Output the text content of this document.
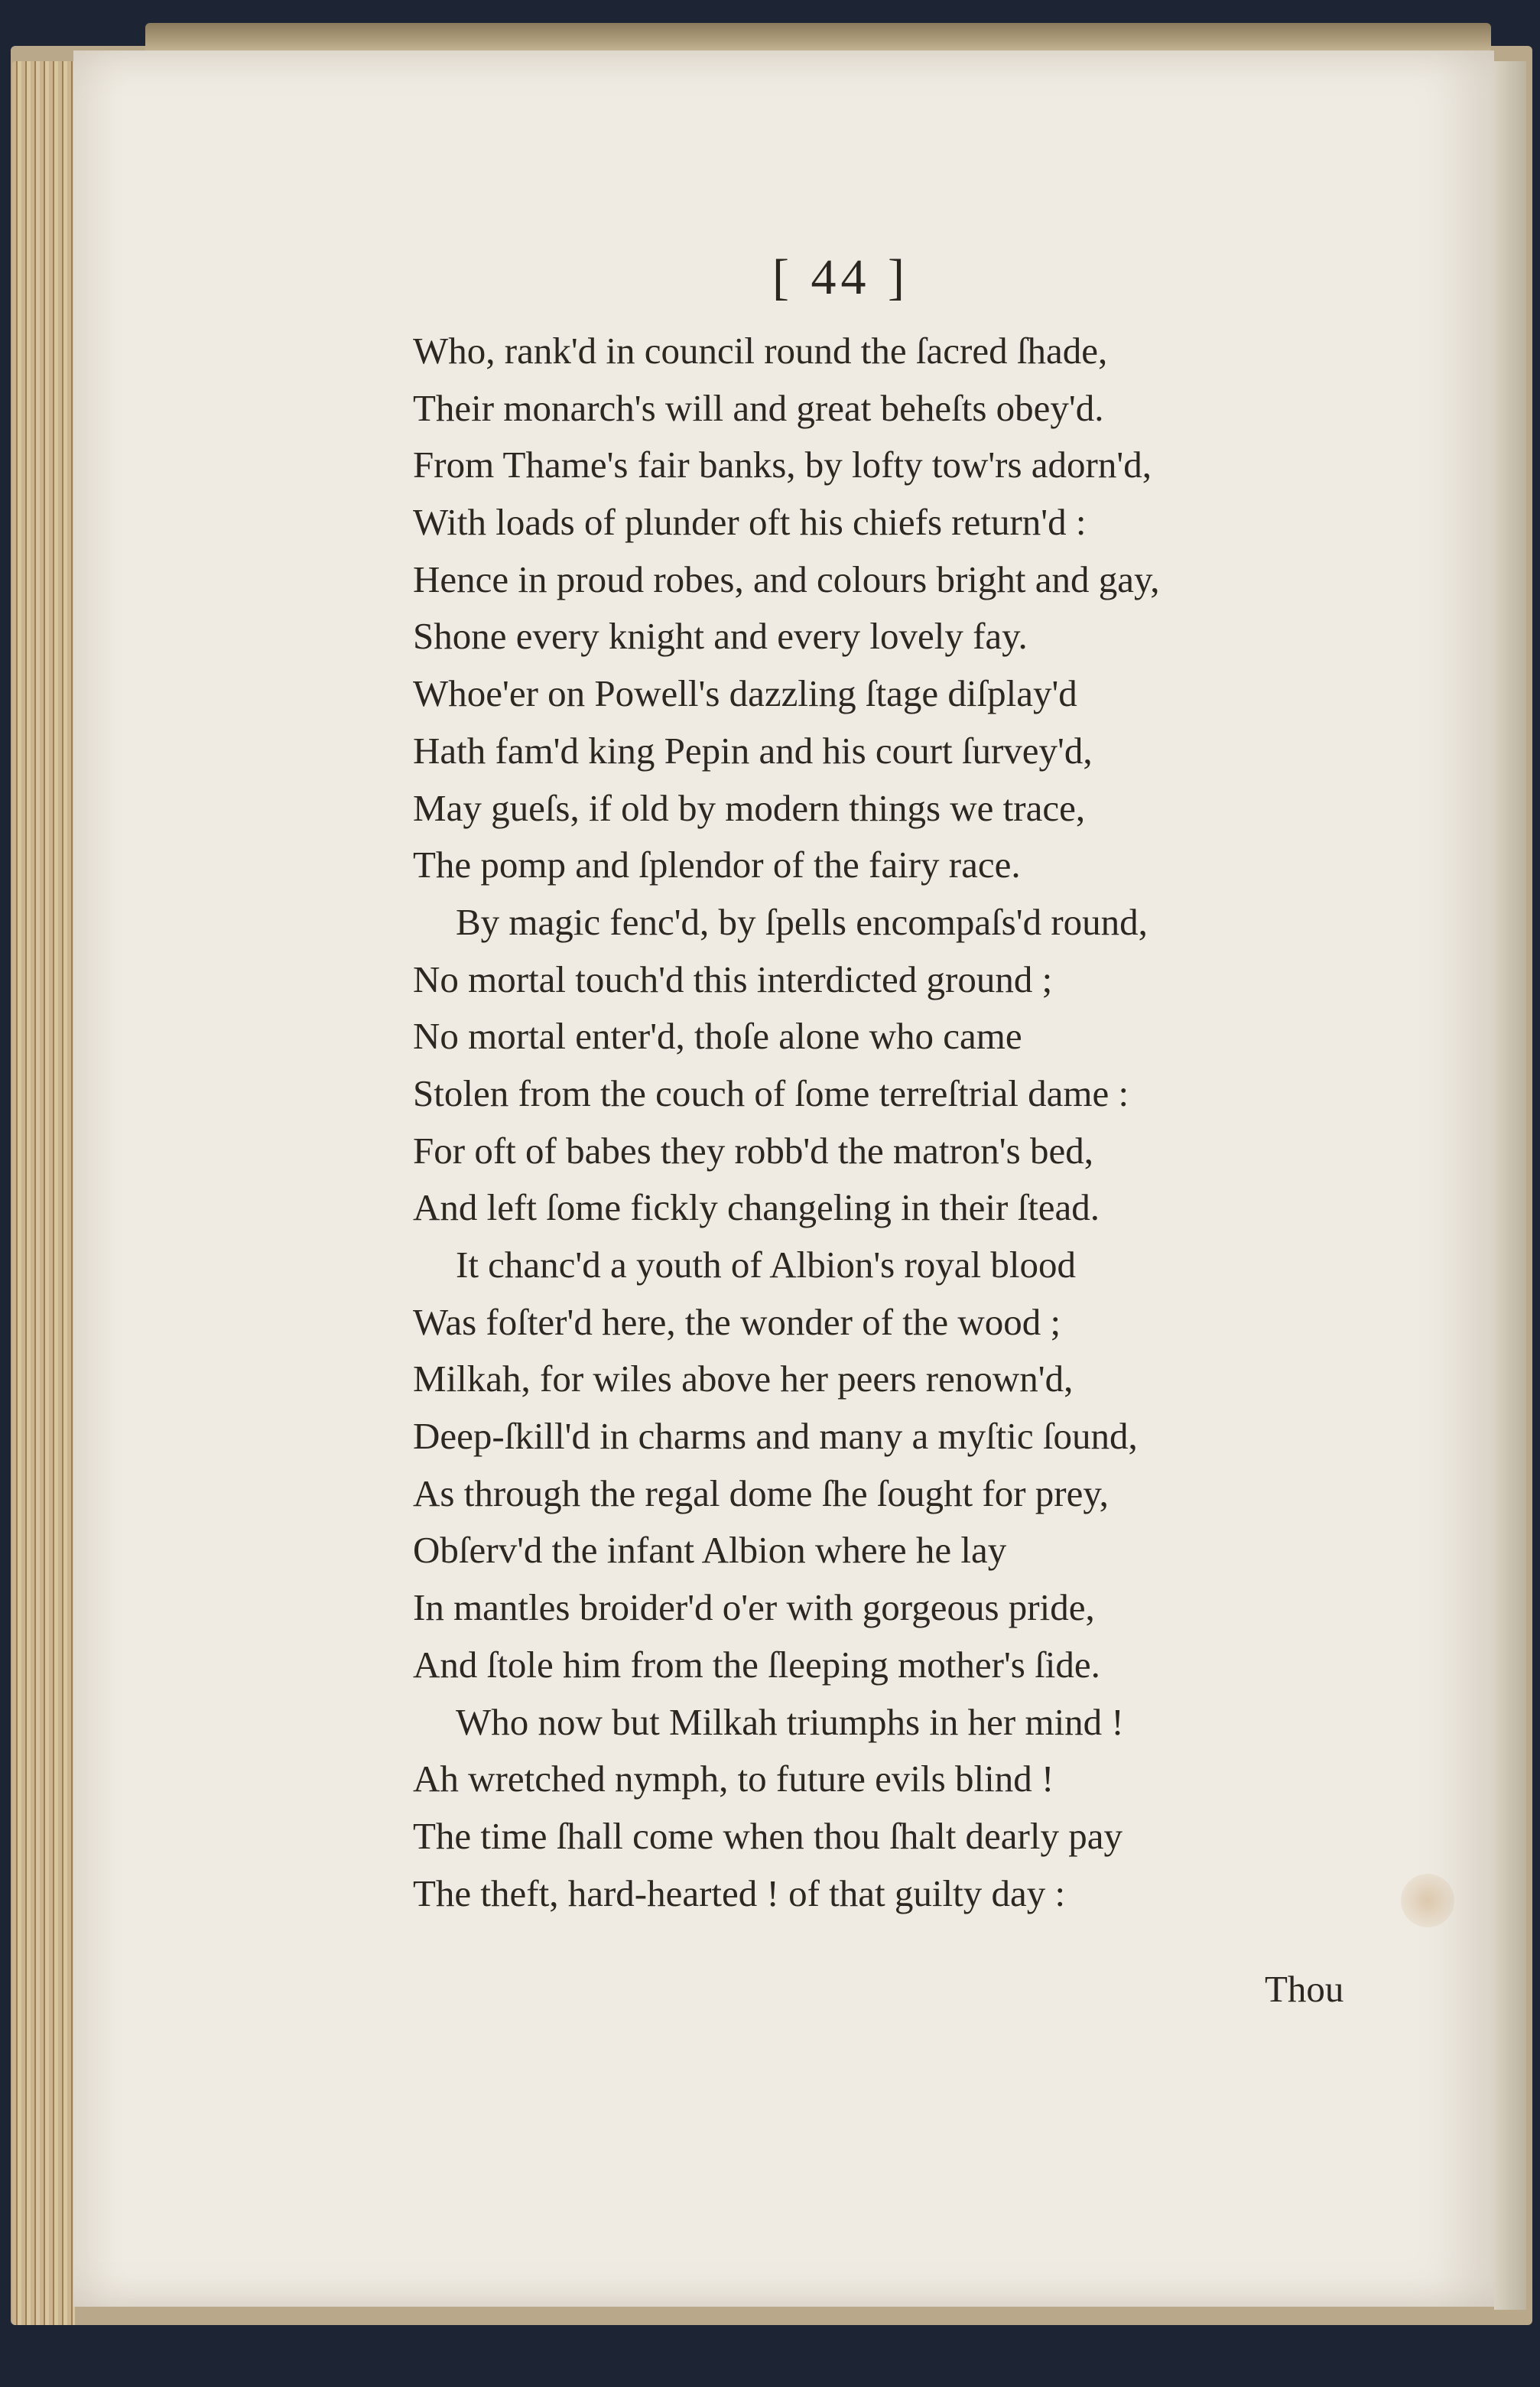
[ 44 ]
Who, rank'd in council round the ſacred ſhade,
Their monarch's will and great beheſts obey'd.
From Thame's fair banks, by lofty tow'rs adorn'd,
With loads of plunder oft his chiefs return'd :
Hence in proud robes, and colours bright and gay,
Shone every knight and every lovely fay.
Whoe'er on Powell's dazzling ſtage diſplay'd
Hath fam'd king Pepin and his court ſurvey'd,
May gueſs, if old by modern things we trace,
The pomp and ſplendor of the fairy race.
By magic fenc'd, by ſpells encompaſs'd round,
No mortal touch'd this interdicted ground ;
No mortal enter'd, thoſe alone who came
Stolen from the couch of ſome terreſtrial dame :
For oft of babes they robb'd the matron's bed,
And left ſome fickly changeling in their ſtead.
It chanc'd a youth of Albion's royal blood
Was foſter'd here, the wonder of the wood ;
Milkah, for wiles above her peers renown'd,
Deep-ſkill'd in charms and many a myſtic ſound,
As through the regal dome ſhe ſought for prey,
Obſerv'd the infant Albion where he lay
In mantles broider'd o'er with gorgeous pride,
And ſtole him from the ſleeping mother's ſide.
Who now but Milkah triumphs in her mind !
Ah wretched nymph, to future evils blind !
The time ſhall come when thou ſhalt dearly pay
The theft, hard-hearted ! of that guilty day :
Thou
